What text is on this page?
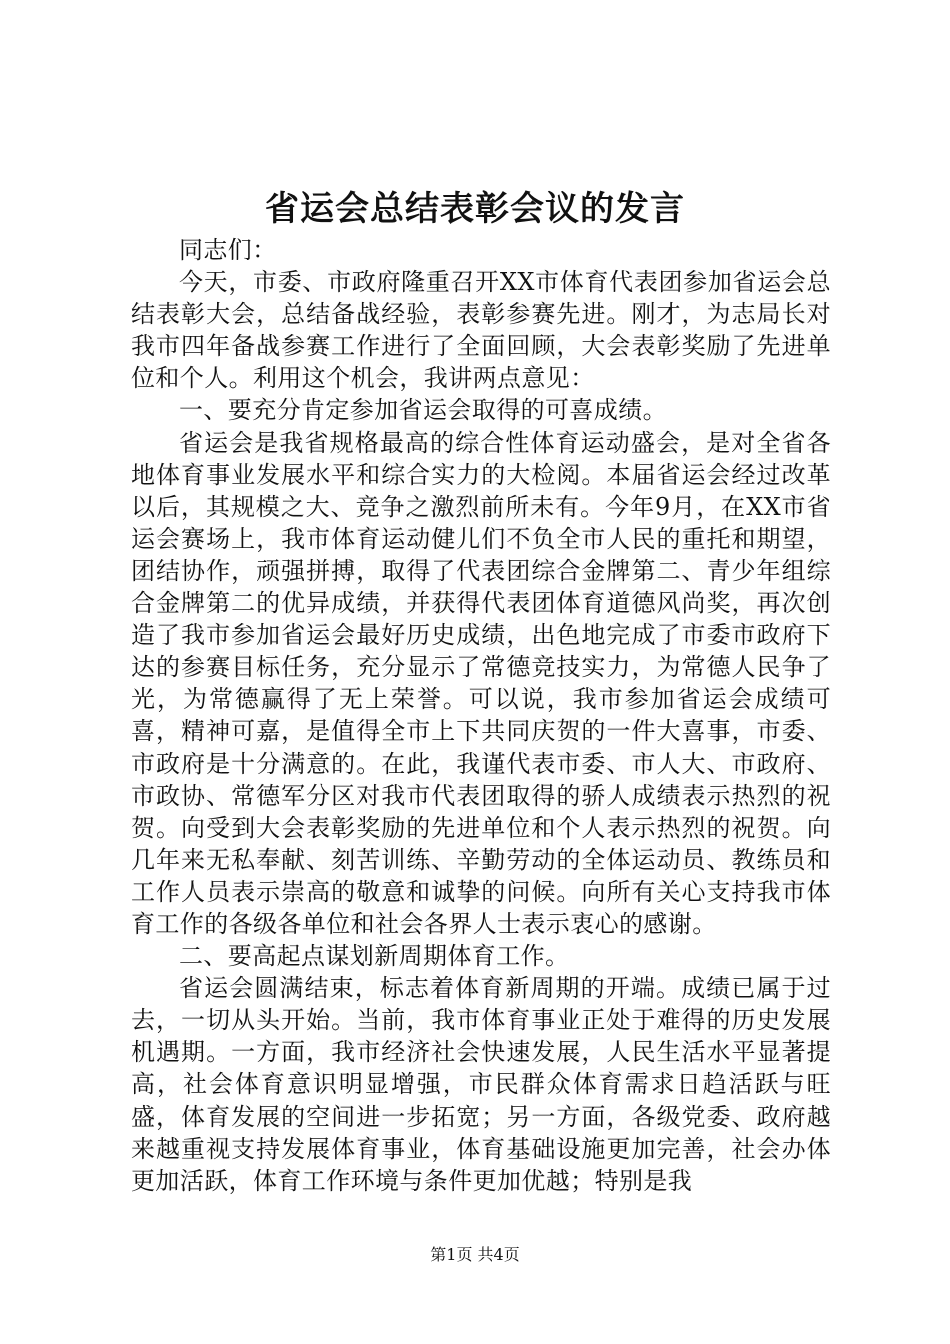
省运会总结表彰会议的发言

同志们：

今天，市委、市政府隆重召开XX市体育代表团参加省运会总结表彰大会，总结备战经验，表彰参赛先进。刚才，为志局长对我市四年备战参赛工作进行了全面回顾，大会表彰奖励了先进单位和个人。利用这个机会，我讲两点意见：

一、要充分肯定参加省运会取得的可喜成绩。

省运会是我省规格最高的综合性体育运动盛会，是对全省各地体育事业发展水平和综合实力的大检阅。本届省运会经过改革以后，其规模之大、竞争之激烈前所未有。今年9月，在XX市省运会赛场上，我市体育运动健儿们不负全市人民的重托和期望，团结协作，顽强拼搏，取得了代表团综合金牌第二、青少年组综合金牌第二的优异成绩，并获得代表团体育道德风尚奖，再次创造了我市参加省运会最好历史成绩，出色地完成了市委市政府下达的参赛目标任务，充分显示了常德竞技实力，为常德人民争了光，为常德赢得了无上荣誉。可以说，我市参加省运会成绩可喜，精神可嘉，是值得全市上下共同庆贺的一件大喜事，市委、市政府是十分满意的。在此，我谨代表市委、市人大、市政府、市政协、常德军分区对我市代表团取得的骄人成绩表示热烈的祝贺。向受到大会表彰奖励的先进单位和个人表示热烈的祝贺。向几年来无私奉献、刻苦训练、辛勤劳动的全体运动员、教练员和工作人员表示崇高的敬意和诚挚的问候。向所有关心支持我市体育工作的各级各单位和社会各界人士表示衷心的感谢。

二、要高起点谋划新周期体育工作。

省运会圆满结束，标志着体育新周期的开端。成绩已属于过去，一切从头开始。当前，我市体育事业正处于难得的历史发展机遇期。一方面，我市经济社会快速发展，人民生活水平显著提高，社会体育意识明显增强，市民群众体育需求日趋活跃与旺盛，体育发展的空间进一步拓宽；另一方面，各级党委、政府越来越重视支持发展体育事业，体育基础设施更加完善，社会办体更加活跃，体育工作环境与条件更加优越；特别是我

第1页 共4页
